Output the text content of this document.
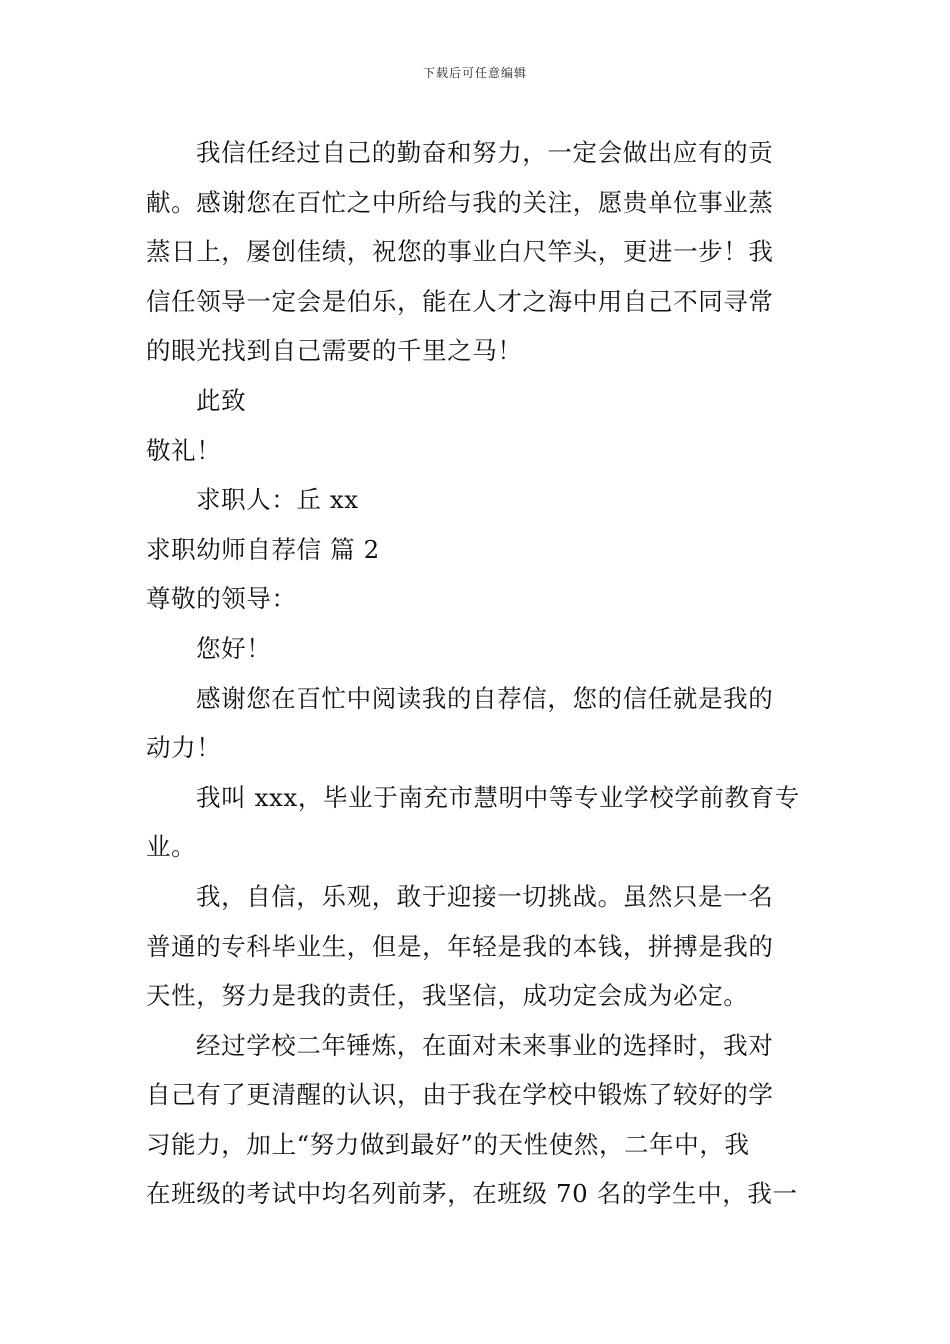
下载后可任意编辑
我信任经过自己的勤奋和努力，一定会做出应有的贡
献。感谢您在百忙之中所给与我的关注，愿贵单位事业蒸
蒸日上，屡创佳绩，祝您的事业白尺竿头，更进一步！我
信任领导一定会是伯乐，能在人才之海中用自己不同寻常
的眼光找到自己需要的千里之马！
此致
敬礼！
求职人：丘 xx
求职幼师自荐信 篇 2
尊敬的领导：
您好！
感谢您在百忙中阅读我的自荐信，您的信任就是我的
动力！
我叫 xxx，毕业于南充市慧明中等专业学校学前教育专
业。
我，自信，乐观，敢于迎接一切挑战。虽然只是一名
普通的专科毕业生，但是，年轻是我的本钱，拼搏是我的
天性，努力是我的责任，我坚信，成功定会成为必定。
经过学校二年锤炼，在面对未来事业的选择时，我对
自己有了更清醒的认识，由于我在学校中锻炼了较好的学
习能力，加上“努力做到最好”的天性使然，二年中，我
在班级的考试中均名列前茅，在班级 70 名的学生中，我一
